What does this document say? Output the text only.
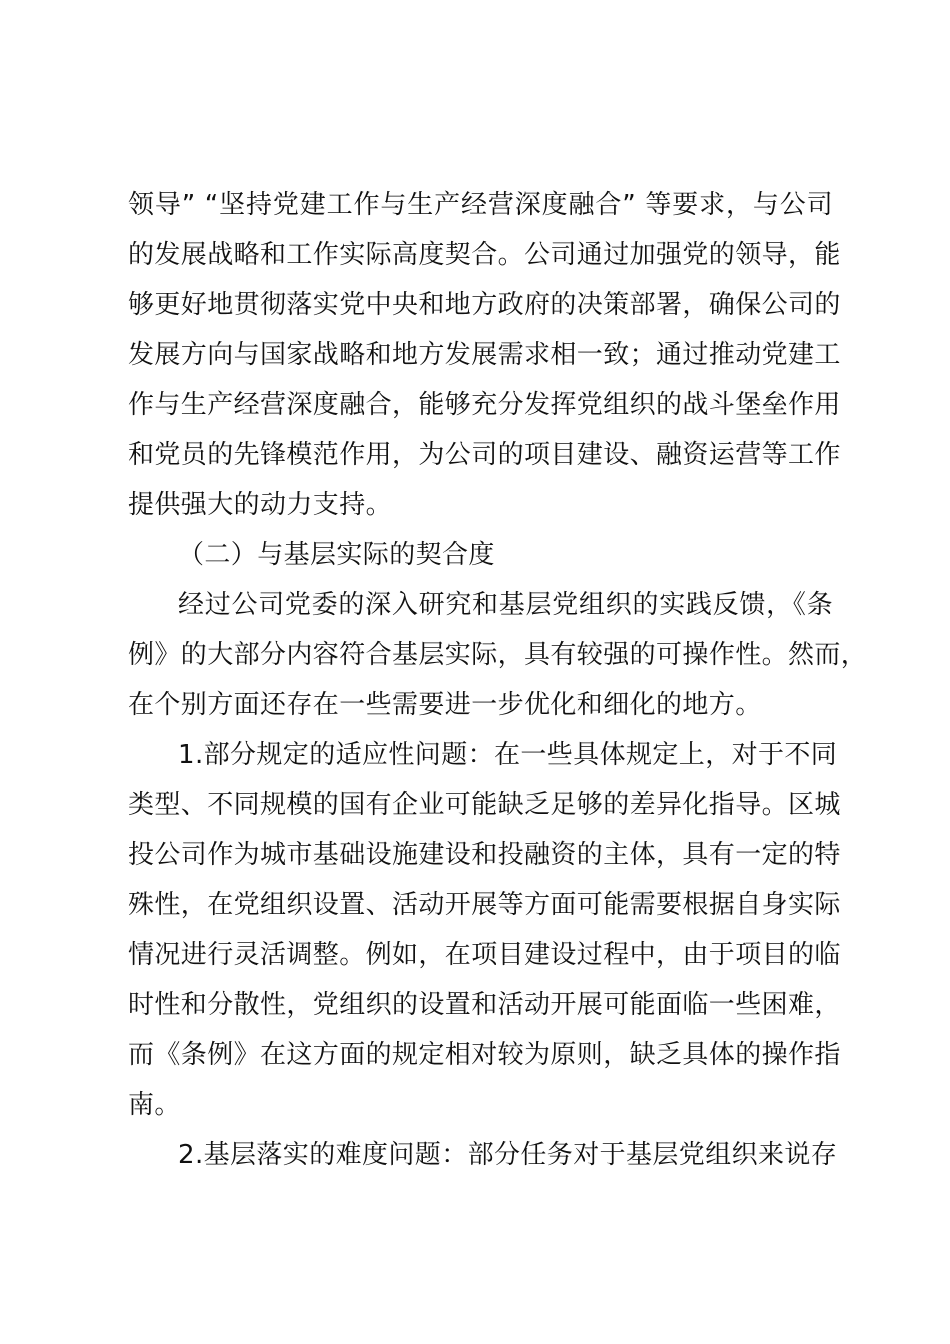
领导” “坚持党建工作与生产经营深度融合” 等要求，与公司
的发展战略和工作实际高度契合。公司通过加强党的领导，能
够更好地贯彻落实党中央和地方政府的决策部署，确保公司的
发展方向与国家战略和地方发展需求相一致；通过推动党建工
作与生产经营深度融合，能够充分发挥党组织的战斗堡垒作用
和党员的先锋模范作用，为公司的项目建设、融资运营等工作
提供强大的动力支持。
（二）与基层实际的契合度
经过公司党委的深入研究和基层党组织的实践反馈，《条
例》的大部分内容符合基层实际，具有较强的可操作性。然而，
在个别方面还存在一些需要进一步优化和细化的地方。
1.部分规定的适应性问题：在一些具体规定上，对于不同
类型、不同规模的国有企业可能缺乏足够的差异化指导。区城
投公司作为城市基础设施建设和投融资的主体，具有一定的特
殊性，在党组织设置、活动开展等方面可能需要根据自身实际
情况进行灵活调整。例如，在项目建设过程中，由于项目的临
时性和分散性，党组织的设置和活动开展可能面临一些困难，
而《条例》在这方面的规定相对较为原则，缺乏具体的操作指
南。
2.基层落实的难度问题：部分任务对于基层党组织来说存
